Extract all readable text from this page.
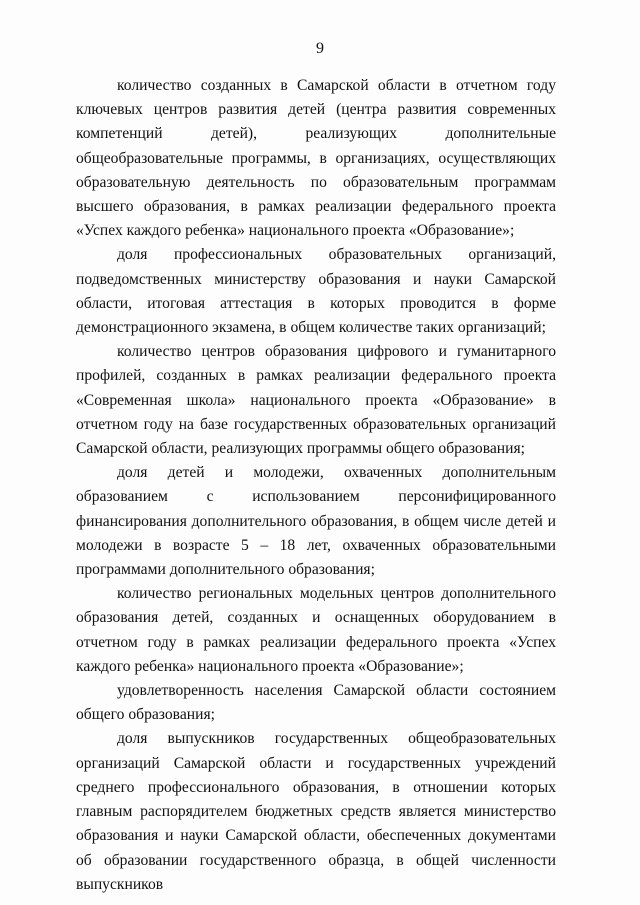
9

количество созданных в Самарской области в отчетном году ключевых центров развития детей (центра развития современных компетенций детей), реализующих дополнительные общеобразовательные программы, в организациях, осуществляющих образовательную деятельность по образовательным программам высшего образования, в рамках реализации федерального проекта «Успех каждого ребенка» национального проекта «Образование»;

доля профессиональных образовательных организаций, подведомственных министерству образования и науки Самарской области, итоговая аттестация в которых проводится в форме демонстрационного экзамена, в общем количестве таких организаций;

количество центров образования цифрового и гуманитарного профилей, созданных в рамках реализации федерального проекта «Современная школа» национального проекта «Образование» в отчетном году на базе государственных образовательных организаций Самарской области, реализующих программы общего образования;

доля детей и молодежи, охваченных дополнительным образованием с использованием персонифицированного финансирования дополнительного образования, в общем числе детей и молодежи в возрасте 5 – 18 лет, охваченных образовательными программами дополнительного образования;

количество региональных модельных центров дополнительного образования детей, созданных и оснащенных оборудованием в отчетном году в рамках реализации федерального проекта «Успех каждого ребенка» национального проекта «Образование»;

удовлетворенность населения Самарской области состоянием общего образования;

доля выпускников государственных общеобразовательных организаций Самарской области и государственных учреждений среднего профессионального образования, в отношении которых главным распорядителем бюджетных средств является министерство образования и науки Самарской области, обеспеченных документами об образовании государственного образца, в общей численности выпускников
